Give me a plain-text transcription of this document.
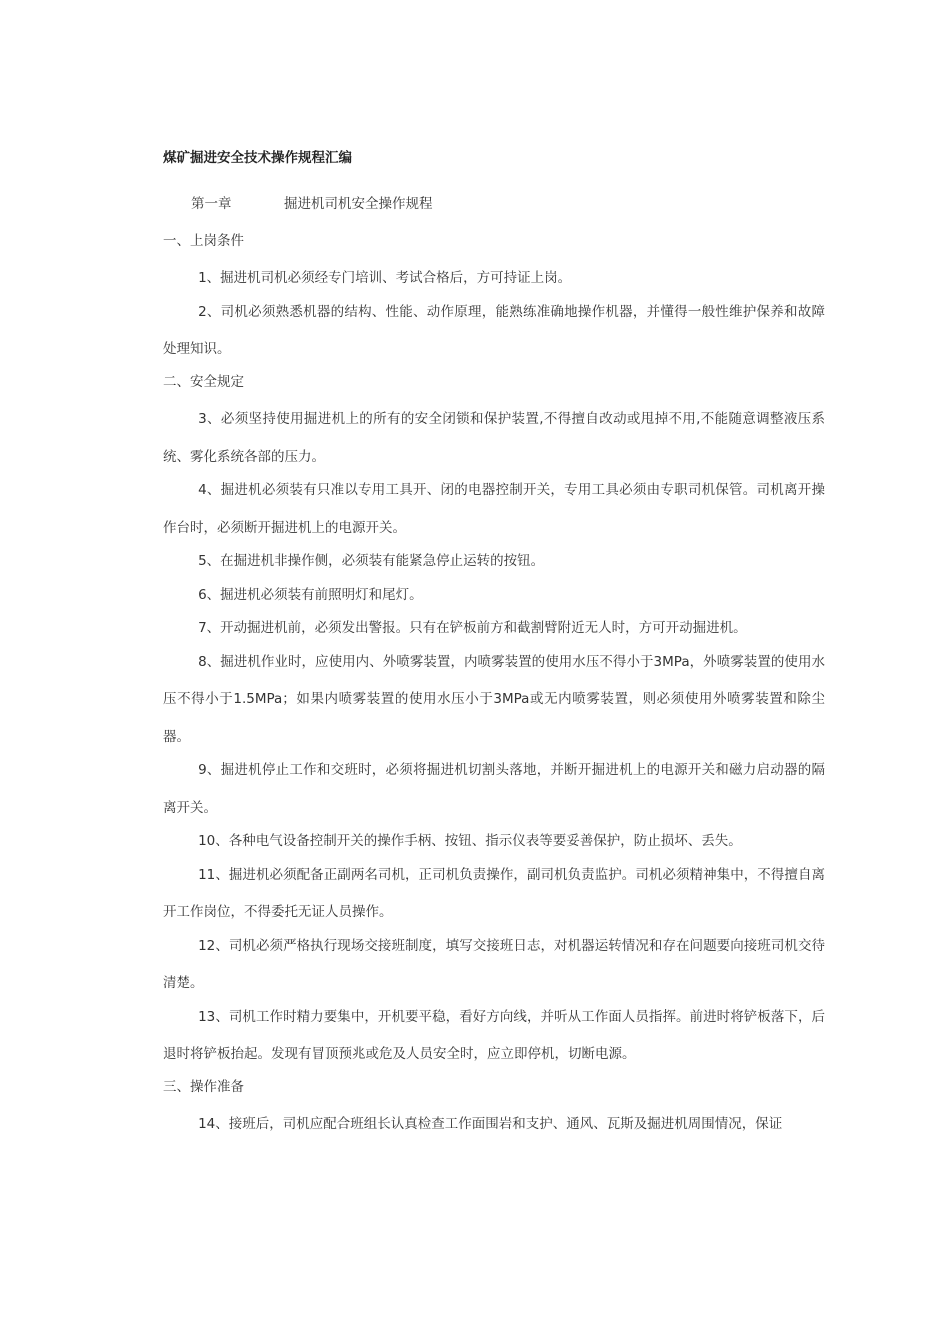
煤矿掘进安全技术操作规程汇编
第一章	掘进机司机安全操作规程
一、上岗条件
1、掘进机司机必须经专门培训、考试合格后，方可持证上岗。
2、司机必须熟悉机器的结构、性能、动作原理，能熟练准确地操作机器，并懂得一般性维护保养和故障处理知识。
二、安全规定
3、必须坚持使用掘进机上的所有的安全闭锁和保护装置,不得擅自改动或甩掉不用,不能随意调整液压系统、雾化系统各部的压力。
4、掘进机必须装有只准以专用工具开、闭的电器控制开关，专用工具必须由专职司机保管。司机离开操作台时，必须断开掘进机上的电源开关。
5、在掘进机非操作侧，必须装有能紧急停止运转的按钮。
6、掘进机必须装有前照明灯和尾灯。
7、开动掘进机前，必须发出警报。只有在铲板前方和截割臂附近无人时，方可开动掘进机。
8、掘进机作业时，应使用内、外喷雾装置，内喷雾装置的使用水压不得小于3MPa，外喷雾装置的使用水压不得小于1.5MPa；如果内喷雾装置的使用水压小于3MPa或无内喷雾装置，则必须使用外喷雾装置和除尘器。
9、掘进机停止工作和交班时，必须将掘进机切割头落地，并断开掘进机上的电源开关和磁力启动器的隔离开关。
10、各种电气设备控制开关的操作手柄、按钮、指示仪表等要妥善保护，防止损坏、丢失。
11、掘进机必须配备正副两名司机，正司机负责操作，副司机负责监护。司机必须精神集中，不得擅自离开工作岗位，不得委托无证人员操作。
12、司机必须严格执行现场交接班制度，填写交接班日志，对机器运转情况和存在问题要向接班司机交待清楚。
13、司机工作时精力要集中，开机要平稳，看好方向线，并听从工作面人员指挥。前进时将铲板落下，后退时将铲板抬起。发现有冒顶预兆或危及人员安全时，应立即停机，切断电源。
三、操作准备
14、接班后，司机应配合班组长认真检查工作面围岩和支护、通风、瓦斯及掘进机周围情况，保证
